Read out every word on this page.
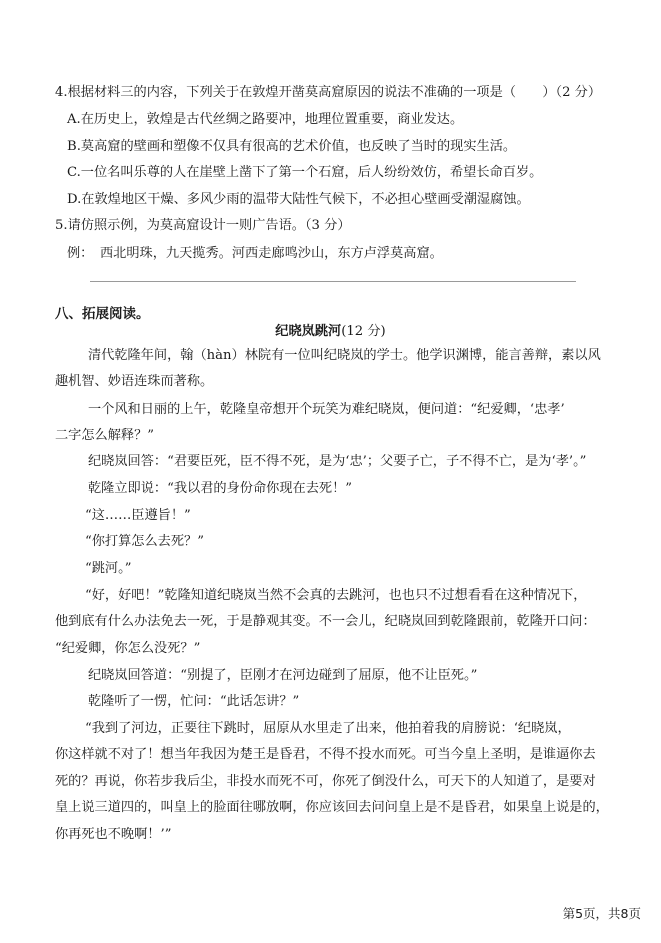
4.根据材料三的内容，下列关于在敦煌开凿莫高窟原因的说法不准确的一项是（　　）（2 分）
A.在历史上，敦煌是古代丝绸之路要冲，地理位置重要，商业发达。
B.莫高窟的壁画和塑像不仅具有很高的艺术价值，也反映了当时的现实生活。
C.一位名叫乐尊的人在崖壁上凿下了第一个石窟，后人纷纷效仿，希望长命百岁。
D.在敦煌地区干燥、多风少雨的温带大陆性气候下，不必担心壁画受潮湿腐蚀。
5.请仿照示例，为莫高窟设计一则广告语。（3 分）
例：　西北明珠，九天揽秀。河西走廊鸣沙山，东方卢浮莫高窟。
八、拓展阅读。
纪晓岚跳河(12 分)
清代乾隆年间，翰（hàn）林院有一位叫纪晓岚的学士。他学识渊博，能言善辩，素以风
趣机智、妙语连珠而著称。
一个风和日丽的上午，乾隆皇帝想开个玩笑为难纪晓岚，便问道：“纪爱卿，‘忠孝’
二字怎么解释？”
纪晓岚回答：“君要臣死，臣不得不死，是为‘忠’；父要子亡，子不得不亡，是为‘孝’。”
乾隆立即说：“我以君的身份命你现在去死！”
“这……臣遵旨！”
“你打算怎么去死？”
“跳河。”
“好，好吧！”乾隆知道纪晓岚当然不会真的去跳河，也也只不过想看看在这种情况下，
他到底有什么办法免去一死，于是静观其变。不一会儿，纪晓岚回到乾隆跟前，乾隆开口问：
“纪爱卿，你怎么没死？”
纪晓岚回答道：“别提了，臣刚才在河边碰到了屈原，他不让臣死。”
乾隆听了一愣，忙问：“此话怎讲？”
“我到了河边，正要往下跳时，屈原从水里走了出来，他拍着我的肩膀说：‘纪晓岚，
你这样就不对了！想当年我因为楚王是昏君，不得不投水而死。可当今皇上圣明，是谁逼你去
死的？再说，你若步我后尘，非投水而死不可，你死了倒没什么，可天下的人知道了，是要对
皇上说三道四的，叫皇上的脸面往哪放啊，你应该回去问问皇上是不是昏君，如果皇上说是的，
你再死也不晚啊！’”
第5页，共8页
